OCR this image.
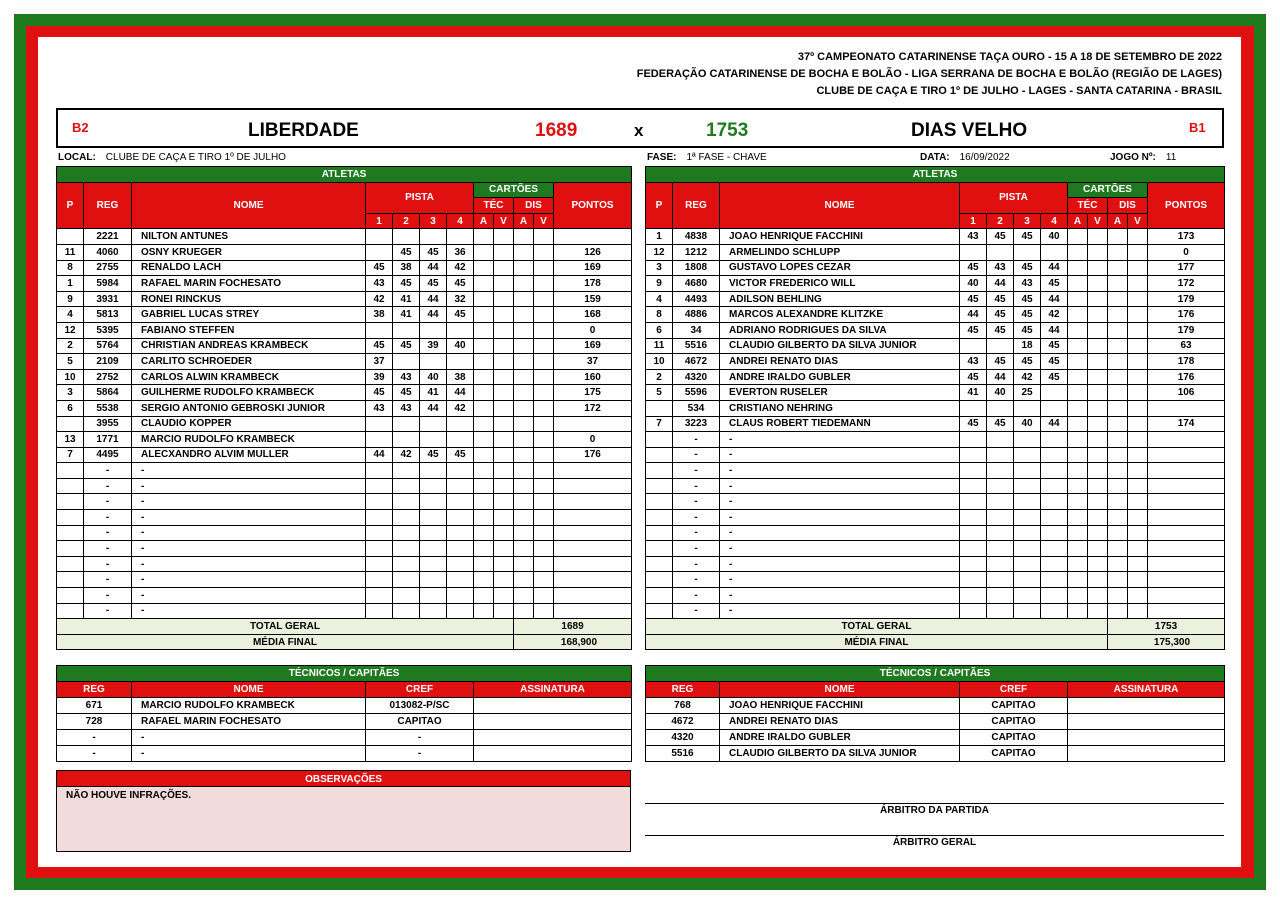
37º CAMPEONATO CATARINENSE TAÇA OURO - 15 A 18 DE SETEMBRO DE 2022
FEDERAÇÃO CATARINENSE DE BOCHA E BOLÃO - LIGA SERRANA DE BOCHA E BOLÃO (REGIÃO DE LAGES)
CLUBE DE CAÇA E TIRO 1º DE JULHO - LAGES - SANTA CATARINA - BRASIL
B2	LIBERDADE	1689	x	1753	DIAS VELHO	B1
LOCAL: CLUBE DE CAÇA E TIRO 1º DE JULHO	FASE: 1ª FASE - CHAVE	DATA: 16/09/2022	JOGO Nº: 11
ATLETAS											
P	REG	NOME	PISTA				CARTÕES				PONTOS
							TÉC		DIS		
			1	2	3	4	A	V	A	V	
	2221	NILTON ANTUNES									
11	4060	OSNY KRUEGER		45	45	36					126
8	2755	RENALDO LACH	45	38	44	42					169
1	5984	RAFAEL MARIN FOCHESATO	43	45	45	45					178
9	3931	RONEI RINCKUS	42	41	44	32					159
4	5813	GABRIEL LUCAS STREY	38	41	44	45					168
12	5395	FABIANO STEFFEN									0
2	5764	CHRISTIAN ANDREAS KRAMBECK	45	45	39	40					169
5	2109	CARLITO SCHROEDER	37								37
10	2752	CARLOS ALWIN KRAMBECK	39	43	40	38					160
3	5864	GUILHERME RUDOLFO KRAMBECK	45	45	41	44					175
6	5538	SERGIO ANTONIO GEBROSKI JUNIOR	43	43	44	42					172
	3955	CLAUDIO KOPPER									
13	1771	MARCIO RUDOLFO KRAMBECK									0
7	4495	ALECXANDRO ALVIM MULLER	44	42	45	45					176
	-	-									
	-	-									
	-	-									
	-	-									
	-	-									
	-	-									
	-	-									
	-	-									
	-	-									
	-	-									
TOTAL GERAL									1689		
MÉDIA FINAL									168,900		
ATLETAS											
P	REG	NOME	PISTA				CARTÕES				PONTOS
							TÉC		DIS		
			1	2	3	4	A	V	A	V	
1	4838	JOAO HENRIQUE FACCHINI	43	45	45	40					173
12	1212	ARMELINDO SCHLUPP									0
3	1808	GUSTAVO LOPES CEZAR	45	43	45	44					177
9	4680	VICTOR FREDERICO WILL	40	44	43	45					172
4	4493	ADILSON BEHLING	45	45	45	44					179
8	4886	MARCOS ALEXANDRE KLITZKE	44	45	45	42					176
6	34	ADRIANO RODRIGUES DA SILVA	45	45	45	44					179
11	5516	CLAUDIO GILBERTO DA SILVA JUNIOR			18	45					63
10	4672	ANDREI RENATO DIAS	43	45	45	45					178
2	4320	ANDRE IRALDO GUBLER	45	44	42	45					176
5	5596	EVERTON RUSELER	41	40	25						106
	534	CRISTIANO NEHRING									
7	3223	CLAUS ROBERT TIEDEMANN	45	45	40	44					174
	-	-									
	-	-									
	-	-									
	-	-									
	-	-									
	-	-									
	-	-									
	-	-									
	-	-									
	-	-									
	-	-									
	-	-									
TOTAL GERAL									1753		
MÉDIA FINAL									175,300		
TÉCNICOS / CAPITÃES			
REG	NOME	CREF	ASSINATURA
671	MARCIO RUDOLFO KRAMBECK	013082-P/SC	
728	RAFAEL MARIN FOCHESATO	CAPITAO	
-	-	-	
-	-	-	
TÉCNICOS / CAPITÃES			
REG	NOME	CREF	ASSINATURA
768	JOAO HENRIQUE FACCHINI	CAPITAO	
4672	ANDREI RENATO DIAS	CAPITAO	
4320	ANDRE IRALDO GUBLER	CAPITAO	
5516	CLAUDIO GILBERTO DA SILVA JUNIOR	CAPITAO	
OBSERVAÇÕES
NÃO HOUVE INFRAÇÕES.
ÁRBITRO DA PARTIDA
ÁRBITRO GERAL
